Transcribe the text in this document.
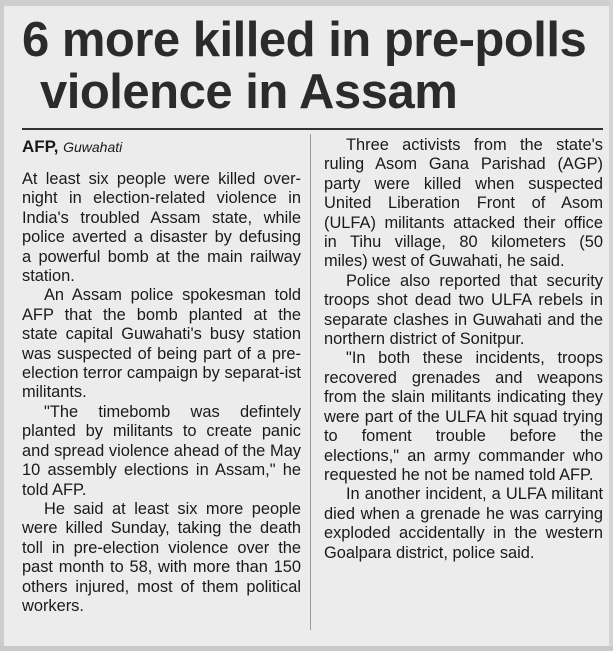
6 more killed in pre-polls
violence in Assam

AFP, Guwahati

At least six people were killed over-night in election-related violence in India's troubled Assam state, while police averted a disaster by defusing a powerful bomb at the main railway station.

An Assam police spokesman told AFP that the bomb planted at the state capital Guwahati's busy station was suspected of being part of a pre-election terror campaign by separat-ist militants.

"The timebomb was defintely planted by militants to create panic and spread violence ahead of the May 10 assembly elections in Assam," he told AFP.

He said at least six more people were killed Sunday, taking the death toll in pre-election violence over the past month to 58, with more than 150 others injured, most of them political workers.

Three activists from the state's ruling Asom Gana Parishad (AGP) party were killed when suspected United Liberation Front of Asom (ULFA) militants attacked their office in Tihu village, 80 kilometers (50 miles) west of Guwahati, he said.

Police also reported that security troops shot dead two ULFA rebels in separate clashes in Guwahati and the northern district of Sonitpur.

"In both these incidents, troops recovered grenades and weapons from the slain militants indicating they were part of the ULFA hit squad trying to foment trouble before the elections," an army commander who requested he not be named told AFP.

In another incident, a ULFA militant died when a grenade he was carrying exploded accidentally in the western Goalpara district, police said.
